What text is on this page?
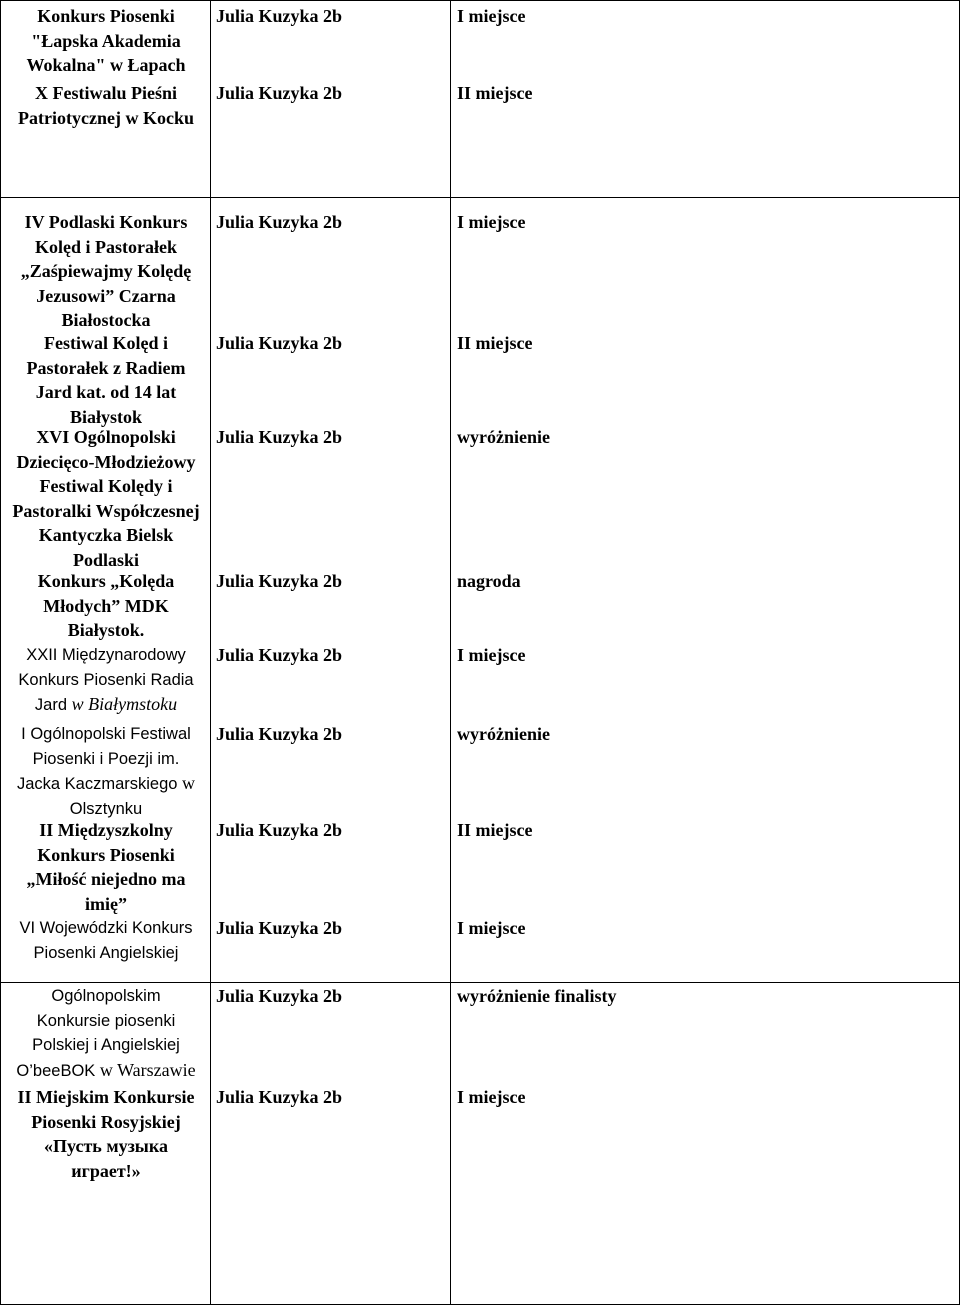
Konkurs Piosenki
"Łapska Akademia
Wokalna" w Łapach
Julia Kuzyka 2b	I miejsce
X Festiwalu Pieśni
Patriotycznej w Kocku
Julia Kuzyka 2b	II miejsce
IV Podlaski Konkurs
Kolęd i Pastorałek
„Zaśpiewajmy Kolędę
Jezusowi” Czarna
Białostocka
Julia Kuzyka 2b	I miejsce
Festiwal Kolęd i
Pastorałek z Radiem
Jard kat. od 14 lat
Białystok
Julia Kuzyka 2b	II miejsce
XVI Ogólnopolski
Dziecięco-Młodzieżowy
Festiwal Kolędy i
Pastoralki Współczesnej
Kantyczka Bielsk
Podlaski
Julia Kuzyka 2b	wyróżnienie
Konkurs „Kolęda
Młodych” MDK
Białystok.
Julia Kuzyka 2b	nagroda
XXII Międzynarodowy
Konkurs Piosenki Radia
Jard w Białymstoku
Julia Kuzyka 2b	I miejsce
I Ogólnopolski Festiwal
Piosenki i Poezji im.
Jacka Kaczmarskiego w
Olsztynku
Julia Kuzyka 2b	wyróżnienie
II Międzyszkolny
Konkurs Piosenki
„Miłość niejedno ma
imię”
Julia Kuzyka 2b	II miejsce
VI Wojewódzki Konkurs
Piosenki Angielskiej
Julia Kuzyka 2b	I miejsce
Ogólnopolskim
Konkursie piosenki
Polskiej i Angielskiej
O’beeBOK w Warszawie
Julia Kuzyka 2b	wyróżnienie finalisty
II Miejskim Konkursie
Piosenki Rosyjskiej
«Пусть музыка
играет!»
Julia Kuzyka 2b	I miejsce
